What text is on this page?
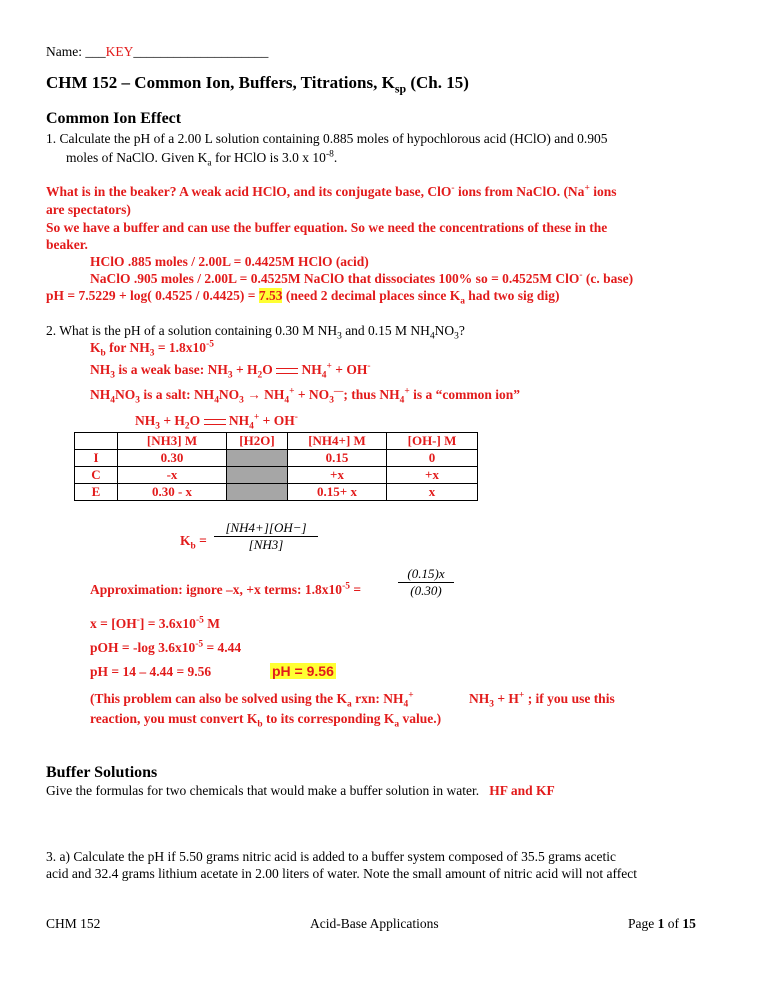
Name: ___KEY____________________
CHM 152 – Common Ion, Buffers, Titrations, $K_{sp}$ (Ch. 15)
Common Ion Effect
1. Calculate the pH of a 2.00 L solution containing 0.885 moles of hypochlorous acid (HClO) and 0.905
moles of NaClO. Given $K_a$ for HClO is 3.0 x $10^{-8}$.
What is in the beaker? A weak acid HClO, and its conjugate base, ClO- ions from NaClO. (Na+ ions
are spectators)
So we have a buffer and can use the buffer equation. So we need the concentrations of these in the
beaker.
HClO .885 moles / 2.00L = 0.4425M HClO (acid)
NaClO .905 moles / 2.00L = 0.4525M NaClO that dissociates 100% so = 0.4525M ClO- (c. base)
pH = 7.5229 + log( 0.4525 / 0.4425) = 7.53 (need 2 decimal places since $K_a$ had two sig dig)
2. What is the pH of a solution containing 0.30 M $NH_3$ and 0.15 M $NH_4NO_3$?
$K_b$ for $NH_3 = 1.8x10^{-5}$
$NH_3$ is a weak base: $NH_3 + H_2O$  $NH_4^+ + OH^-$
$NH_4NO_3$ is a salt: $NH_4NO_3 \to NH_4^+ + NO_3^—$; thus $NH_4^+$ is a “common ion”
$NH_3 + H_2O$  $NH_4^+ + OH^-$
	[NH3] M	[H2O]	[NH4+] M	[OH-] M
I	0.30		0.15	0
C	-x		+x	+x
E	0.30 - x		0.15+ x	x
$K_b = \frac{[NH4+][OH-]}{[NH3]}$
Approximation: ignore –x, +x terms: $1.8x10^{-5}$ =	$\frac{(0.15)x}{(0.30)}$
$x = [OH^-] = 3.6x10^{-5}$ M
pOH = -log $3.6x10^{-5} = 4.44$
pH = 14 – 4.44 = 9.56	pH = 9.56
(This problem can also be solved using the $K_a$ rxn: $NH_4^+$	$NH_3 + H^+$ ; if you use this
reaction, you must convert $K_b$ to its corresponding $K_a$ value.)
Buffer Solutions
Give the formulas for two chemicals that would make a buffer solution in water. HF and KF
3. a) Calculate the pH if 5.50 grams nitric acid is added to a buffer system composed of 35.5 grams acetic
acid and 32.4 grams lithium acetate in 2.00 liters of water. Note the small amount of nitric acid will not affect
CHM 152	Acid-Base Applications	Page 1 of 15
